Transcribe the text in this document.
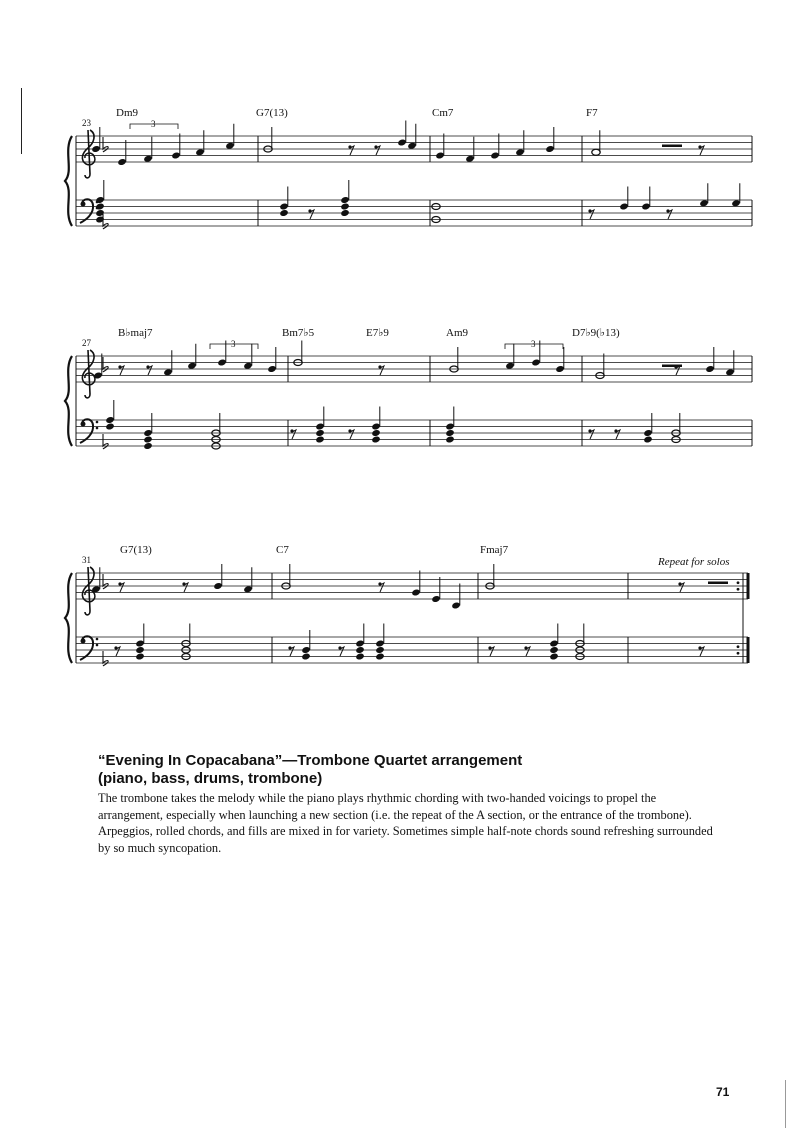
23
Dm9	G7(13)	Cm7	F7
3
27
B♭maj7	Bm7♭5	E7♭9	Am9	D7♭9(♭13)
3	3
31
G7(13)	C7	Fmaj7
Repeat for solos

“Evening In Copacabana”—Trombone Quartet arrangement

(piano, bass, drums, trombone)

The trombone takes the melody while the piano plays rhythmic chording with two-handed voicings to propel the arrangement, especially when launching a new section (i.e. the repeat of the A section, or the entrance of the trombone). Arpeggios, rolled chords, and fills are mixed in for variety. Sometimes simple half-note chords sound refreshing surrounded by so much syncopation.

71
